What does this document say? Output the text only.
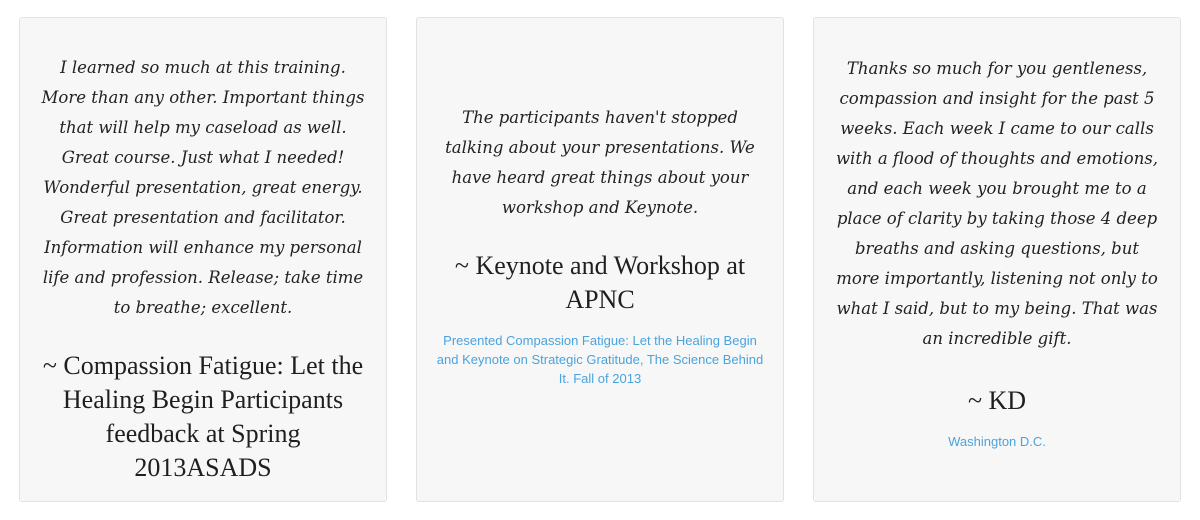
I learned so much at this training. More than any other. Important things that will help my caseload as well. Great course. Just what I needed! Wonderful presentation, great energy. Great presentation and facilitator. Information will enhance my personal life and profession. Release; take time to breathe; excellent.

~ Compassion Fatigue: Let the Healing Begin Participants feedback at Spring 2013ASADS

The participants haven't stopped talking about your presentations. We have heard great things about your workshop and Keynote.

~ Keynote and Workshop at APNC

Presented Compassion Fatigue: Let the Healing Begin and Keynote on Strategic Gratitude, The Science Behind It. Fall of 2013

Thanks so much for you gentleness, compassion and insight for the past 5 weeks. Each week I came to our calls with a flood of thoughts and emotions, and each week you brought me to a place of clarity by taking those 4 deep breaths and asking questions, but more importantly, listening not only to what I said, but to my being. That was an incredible gift.

~ KD

Washington D.C.
